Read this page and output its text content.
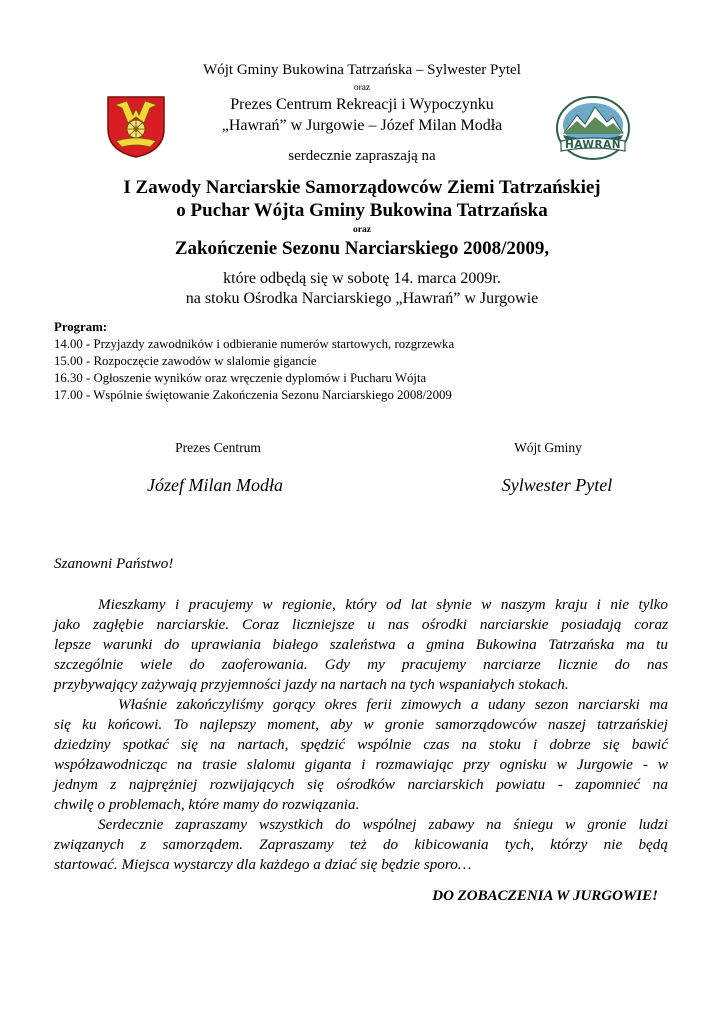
Wójt Gminy Bukowina Tatrzańska – Sylwester Pytel
oraz
Prezes Centrum Rekreacji i Wypoczynku
„Hawrań” w Jurgowie – Józef Milan Modła
serdecznie zapraszają na
HAWRAŃ
I Zawody Narciarskie Samorządowców Ziemi Tatrzańskiej
o Puchar Wójta Gminy Bukowina Tatrzańska
oraz
Zakończenie Sezonu Narciarskiego 2008/2009,
które odbędą się w sobotę 14. marca 2009r.
na stoku Ośrodka Narciarskiego „Hawrań” w Jurgowie
Program:
14.00 - Przyjazdy zawodników i odbieranie numerów startowych, rozgrzewka
15.00 - Rozpoczęcie zawodów w slalomie gigancie
16.30 - Ogłoszenie wyników oraz wręczenie dyplomów i Pucharu Wójta
17.00 - Wspólnie świętowanie Zakończenia Sezonu Narciarskiego 2008/2009
Prezes Centrum
Józef Milan Modła
Wójt Gminy
Sylwester Pytel
Szanowni Państwo!
Mieszkamy i pracujemy w regionie, który od lat słynie w naszym kraju i nie tylko
jako zagłębie narciarskie. Coraz liczniejsze u nas ośrodki narciarskie posiadają coraz
lepsze warunki do uprawiania białego szaleństwa a gmina Bukowina Tatrzańska ma tu
szczególnie wiele do zaoferowania. Gdy my pracujemy narciarze licznie do nas
przybywający zażywają przyjemności jazdy na nartach na tych wspaniałych stokach.
Właśnie zakończyliśmy gorący okres ferii zimowych a udany sezon narciarski ma
się ku końcowi. To najlepszy moment, aby w gronie samorządowców naszej tatrzańskiej
dziedziny spotkać się na nartach, spędzić wspólnie czas na stoku i dobrze się bawić
współzawodnicząc na trasie slalomu giganta i rozmawiając przy ognisku w Jurgowie - w
jednym z najprężniej rozwijających się ośrodków narciarskich powiatu - zapomnieć na
chwilę o problemach, które mamy do rozwiązania.
Serdecznie zapraszamy wszystkich do wspólnej zabawy na śniegu w gronie ludzi
związanych z samorządem. Zapraszamy też do kibicowania tych, którzy nie będą
startować. Miejsca wystarczy dla każdego a dziać się będzie sporo…
DO ZOBACZENIA W JURGOWIE!
